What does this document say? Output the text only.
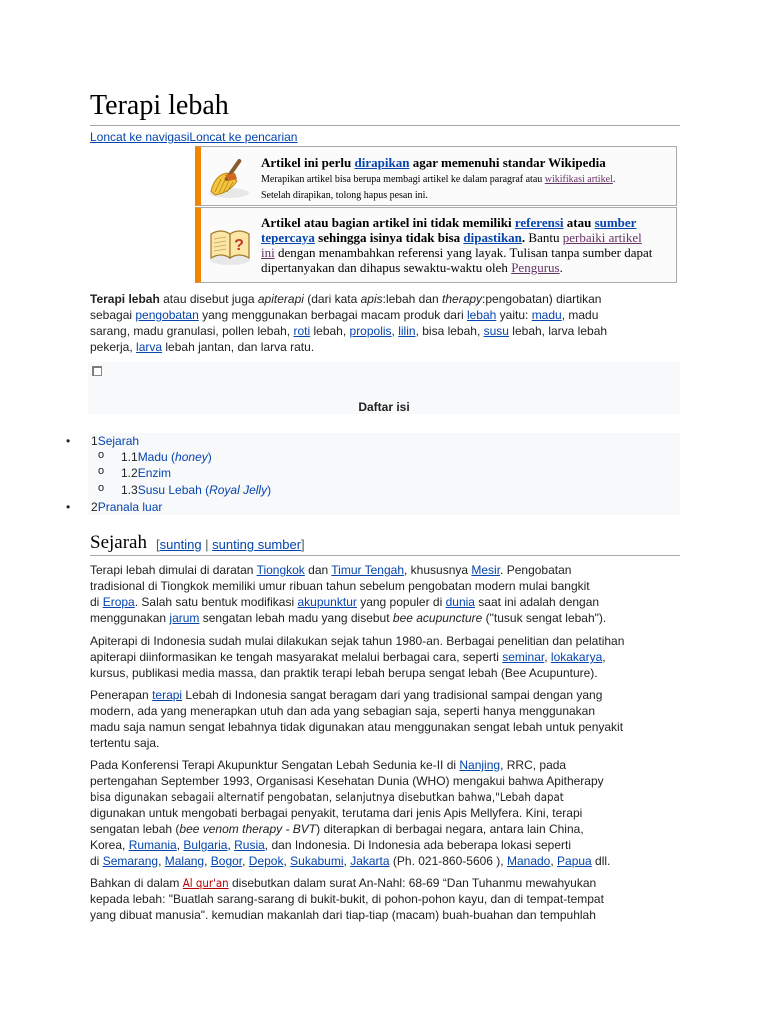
Terapi lebah
Loncat ke navigasiLoncat ke pencarian
Artikel ini perlu dirapikan agar memenuhi standar Wikipedia
Merapikan artikel bisa berupa membagi artikel ke dalam paragraf atau wikifikasi artikel.
Setelah dirapikan, tolong hapus pesan ini.
?
Artikel atau bagian artikel ini tidak memiliki referensi atau sumber
tepercaya sehingga isinya tidak bisa dipastikan. Bantu perbaiki artikel
ini dengan menambahkan referensi yang layak. Tulisan tanpa sumber dapat
dipertanyakan dan dihapus sewaktu-waktu oleh Pengurus.
Terapi lebah atau disebut juga apiterapi (dari kata apis:lebah dan therapy:pengobatan) diartikan
sebagai pengobatan yang menggunakan berbagai macam produk dari lebah yaitu: madu, madu
sarang, madu granulasi, pollen lebah, roti lebah, propolis, lilin, bisa lebah, susu lebah, larva lebah
pekerja, larva lebah jantan, dan larva ratu.
Daftar isi
• 1Sejarah
o 1.1Madu (honey)
o 1.2Enzim
o 1.3Susu Lebah (Royal Jelly)
• 2Pranala luar
Sejarah [sunting | sunting sumber]
Terapi lebah dimulai di daratan Tiongkok dan Timur Tengah, khususnya Mesir. Pengobatan
tradisional di Tiongkok memiliki umur ribuan tahun sebelum pengobatan modern mulai bangkit
di Eropa. Salah satu bentuk modifikasi akupunktur yang populer di dunia saat ini adalah dengan
menggunakan jarum sengatan lebah madu yang disebut bee acupuncture ("tusuk sengat lebah").
Apiterapi di Indonesia sudah mulai dilakukan sejak tahun 1980-an. Berbagai penelitian dan pelatihan
apiterapi diinformasikan ke tengah masyarakat melalui berbagai cara, seperti seminar, lokakarya,
kursus, publikasi media massa, dan praktik terapi lebah berupa sengat lebah (Bee Acupunture).
Penerapan terapi Lebah di Indonesia sangat beragam dari yang tradisional sampai dengan yang
modern, ada yang menerapkan utuh dan ada yang sebagian saja, seperti hanya menggunakan
madu saja namun sengat lebahnya tidak digunakan atau menggunakan sengat lebah untuk penyakit
tertentu saja.
Pada Konferensi Terapi Akupunktur Sengatan Lebah Sedunia ke-II di Nanjing, RRC, pada
pertengahan September 1993, Organisasi Kesehatan Dunia (WHO) mengakui bahwa Apitherapy
bisa digunakan sebagaii alternatif pengobatan, selanjutnya disebutkan bahwa,"Lebah dapat
digunakan untuk mengobati berbagai penyakit, terutama dari jenis Apis Mellyfera. Kini, terapi
sengatan lebah (bee venom therapy - BVT) diterapkan di berbagai negara, antara lain China,
Korea, Rumania, Bulgaria, Rusia, dan Indonesia. Di Indonesia ada beberapa lokasi seperti
di Semarang, Malang, Bogor, Depok, Sukabumi, Jakarta (Ph. 021-860-5606 ), Manado, Papua dll.
Bahkan di dalam Al qur'an disebutkan dalam surat An-Nahl: 68-69 “Dan Tuhanmu mewahyukan
kepada lebah: "Buatlah sarang-sarang di bukit-bukit, di pohon-pohon kayu, dan di tempat-tempat
yang dibuat manusia". kemudian makanlah dari tiap-tiap (macam) buah-buahan dan tempuhlah
